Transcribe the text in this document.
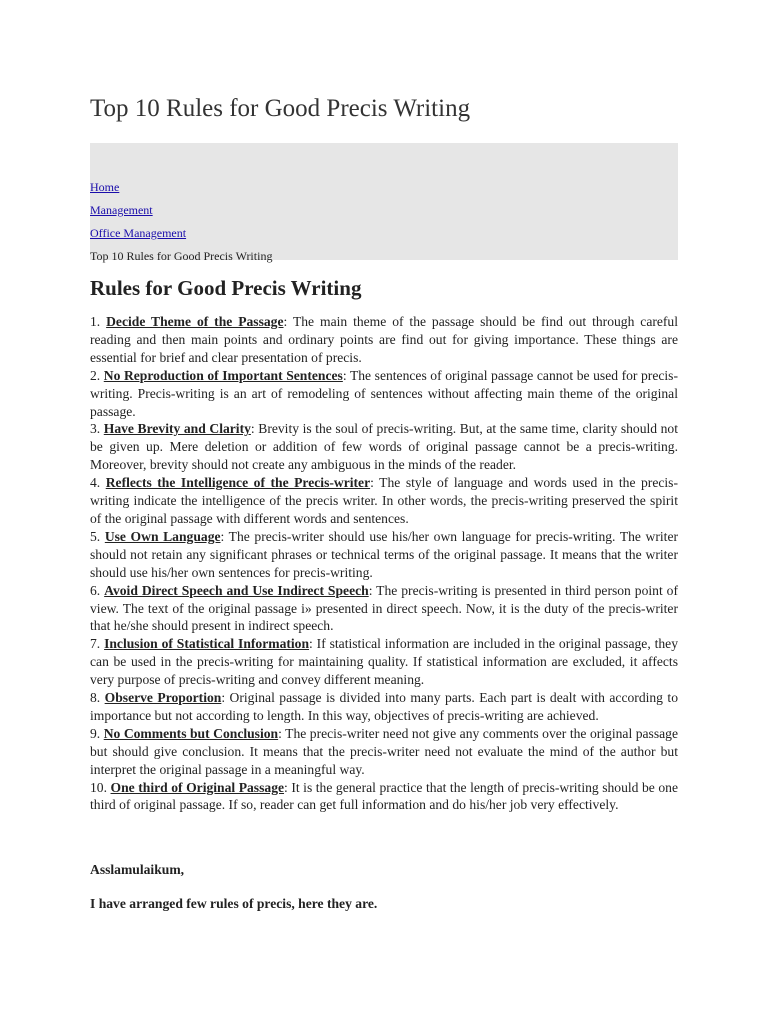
Top 10 Rules for Good Precis Writing
Home
Management
Office Management
Top 10 Rules for Good Precis Writing
Rules for Good Precis Writing

1. Decide Theme of the Passage: The main theme of the passage should be find out through careful reading and then main points and ordinary points are find out for giving importance. These things are essential for brief and clear presentation of precis.

2. No Reproduction of Important Sentences: The sentences of original passage cannot be used for precis-writing. Precis-writing is an art of remodeling of sentences without affecting main theme of the original passage.

3. Have Brevity and Clarity: Brevity is the soul of precis-writing. But, at the same time, clarity should not be given up. Mere deletion or addition of few words of original passage cannot be a precis-writing. Moreover, brevity should not create any ambiguous in the minds of the reader.

4. Reflects the Intelligence of the Precis-writer: The style of language and words used in the precis-writing indicate the intelligence of the precis writer. In other words, the precis-writing preserved the spirit of the original passage with different words and sentences.

5. Use Own Language: The precis-writer should use his/her own language for precis-writing. The writer should not retain any significant phrases or technical terms of the original passage. It means that the writer should use his/her own sentences for precis-writing.

6. Avoid Direct Speech and Use Indirect Speech: The precis-writing is presented in third person point of view. The text of the original passage i» presented in direct speech. Now, it is the duty of the precis-writer that he/she should present in indirect speech.

7. Inclusion of Statistical Information: If statistical information are included in the original passage, they can be used in the precis-writing for maintaining quality. If statistical information are excluded, it affects very purpose of precis-writing and convey different meaning.

8. Observe Proportion: Original passage is divided into many parts. Each part is dealt with according to importance but not according to length. In this way, objectives of precis-writing are achieved.

9. No Comments but Conclusion: The precis-writer need not give any comments over the original passage but should give conclusion. It means that the precis-writer need not evaluate the mind of the author but interpret the original passage in a meaningful way.

10. One third of Original Passage: It is the general practice that the length of precis-writing should be one third of original passage. If so, reader can get full information and do his/her job very effectively.

Asslamulaikum,

I have arranged few rules of precis, here they are.
